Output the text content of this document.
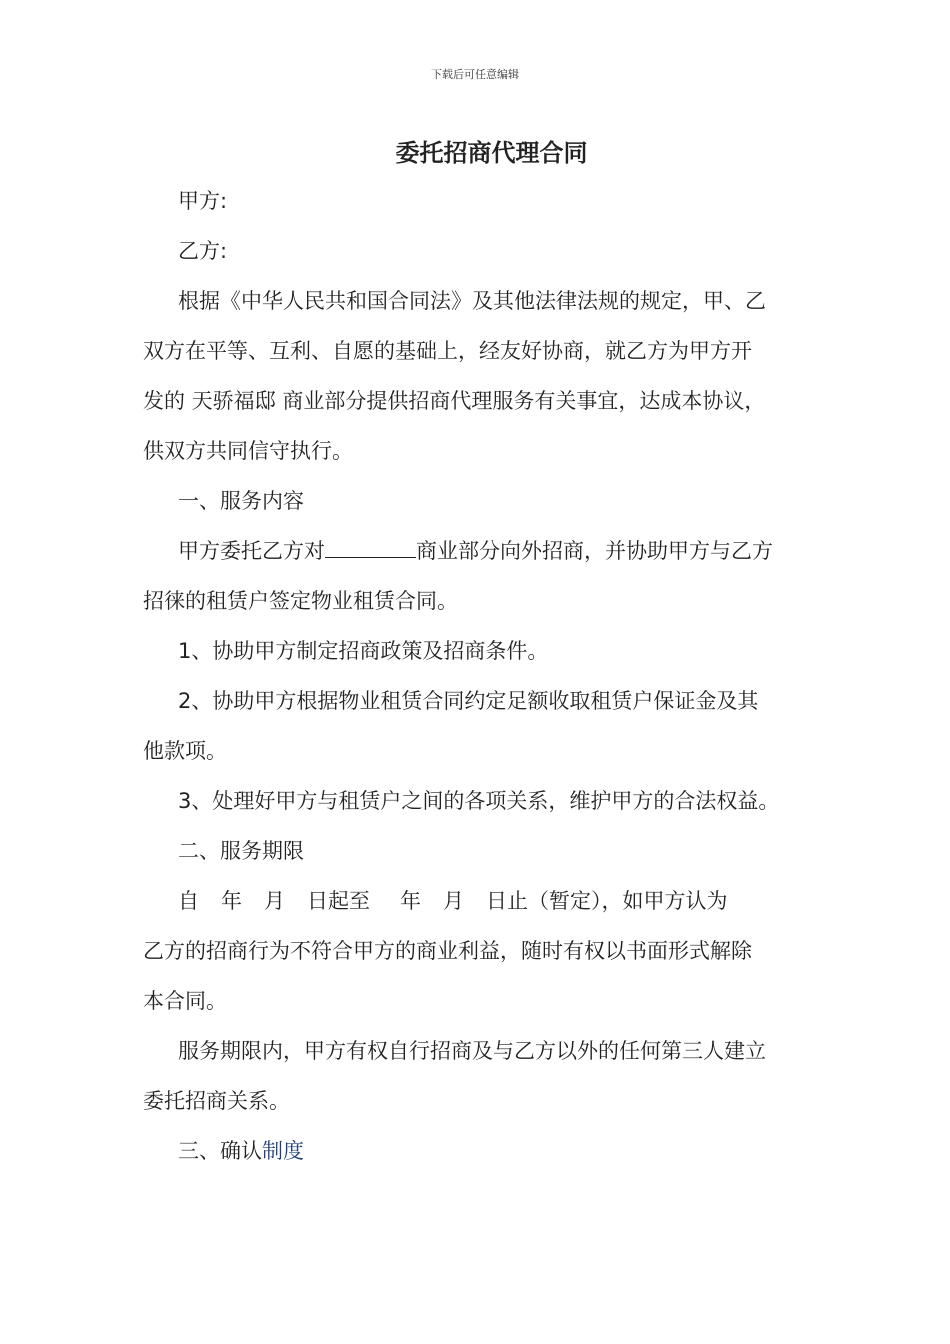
下载后可任意编辑
委托招商代理合同
甲方:
乙方:
根据《中华人民共和国合同法》及其他法律法规的规定，甲、乙
双方在平等、互利、自愿的基础上，经友好协商，就乙方为甲方开
发的 天骄福邸 商业部分提供招商代理服务有关事宜，达成本协议，
供双方共同信守执行。
一、服务内容
甲方委托乙方对	商业部分向外招商，并协助甲方与乙方
招徕的租赁户签定物业租赁合同。
1、协助甲方制定招商政策及招商条件。
2、协助甲方根据物业租赁合同约定足额收取租赁户保证金及其
他款项。
3、处理好甲方与租赁户之间的各项关系，维护甲方的合法权益。
二、服务期限
自 年 月 日起至 年 月 日止（暂定），如甲方认为
乙方的招商行为不符合甲方的商业利益，随时有权以书面形式解除
本合同。
服务期限内，甲方有权自行招商及与乙方以外的任何第三人建立
委托招商关系。
三、确认制度
